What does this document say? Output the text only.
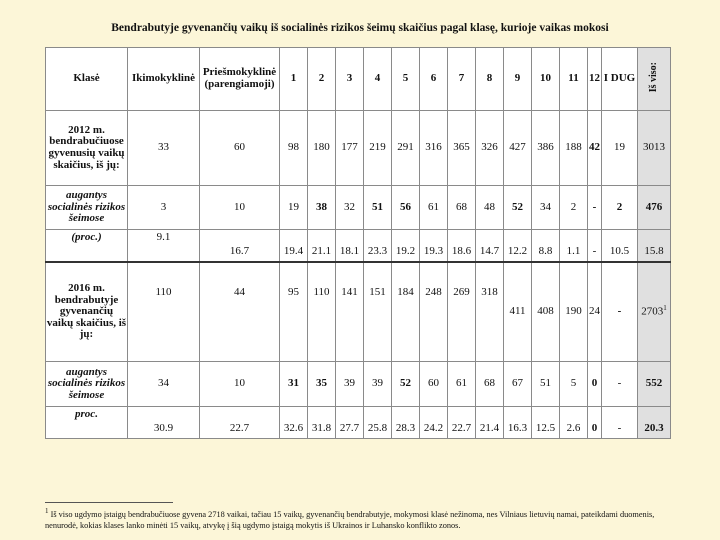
Bendrabutyje gyvenančių vaikų iš socialinės rizikos šeimų skaičius pagal klasę, kurioje vaikas mokosi
Klasė	Ikimokyklinė	Priešmokyklinė (parengiamoji)	1	2	3	4	5	6	7	8	9	10	11	12	I DUG	Iš viso:
2012 m. bendrabučiuose gyvenusių vaikų skaičius, iš jų:	33	60	98	180	177	219	291	316	365	326	427	386	188	42	19	3013
augantys socialinės rizikos šeimose	3	10	19	38	32	51	56	61	68	48	52	34	2	-	2	476
(proc.)	9.1	16.7	19.4	21.1	18.1	23.3	19.2	19.3	18.6	14.7	12.2	8.8	1.1	-	10.5	15.8
2016 m. bendrabutyje gyvenančių vaikų skaičius, iš jų:	110	44	95	110	141	151	184	248	269	318	411	408	190	24	-	2703$^1$
augantys socialinės rizikos šeimose	34	10	31	35	39	39	52	60	61	68	67	51	5	0	-	552
proc.	30.9	22.7	32.6	31.8	27.7	25.8	28.3	24.2	22.7	21.4	16.3	12.5	2.6	0	-	20.3
$^1$ Iš viso ugdymo įstaigų bendrabučiuose gyvena 2718 vaikai, tačiau 15 vaikų, gyvenančių bendrabutyje, mokymosi klasė nežinoma, nes Vilniaus lietuvių namai, pateikdami duomenis, nenurodė, kokias klases lanko minėti 15 vaikų, atvykę į šią ugdymo įstaigą mokytis iš Ukrainos ir Luhansko konflikto zonos.
